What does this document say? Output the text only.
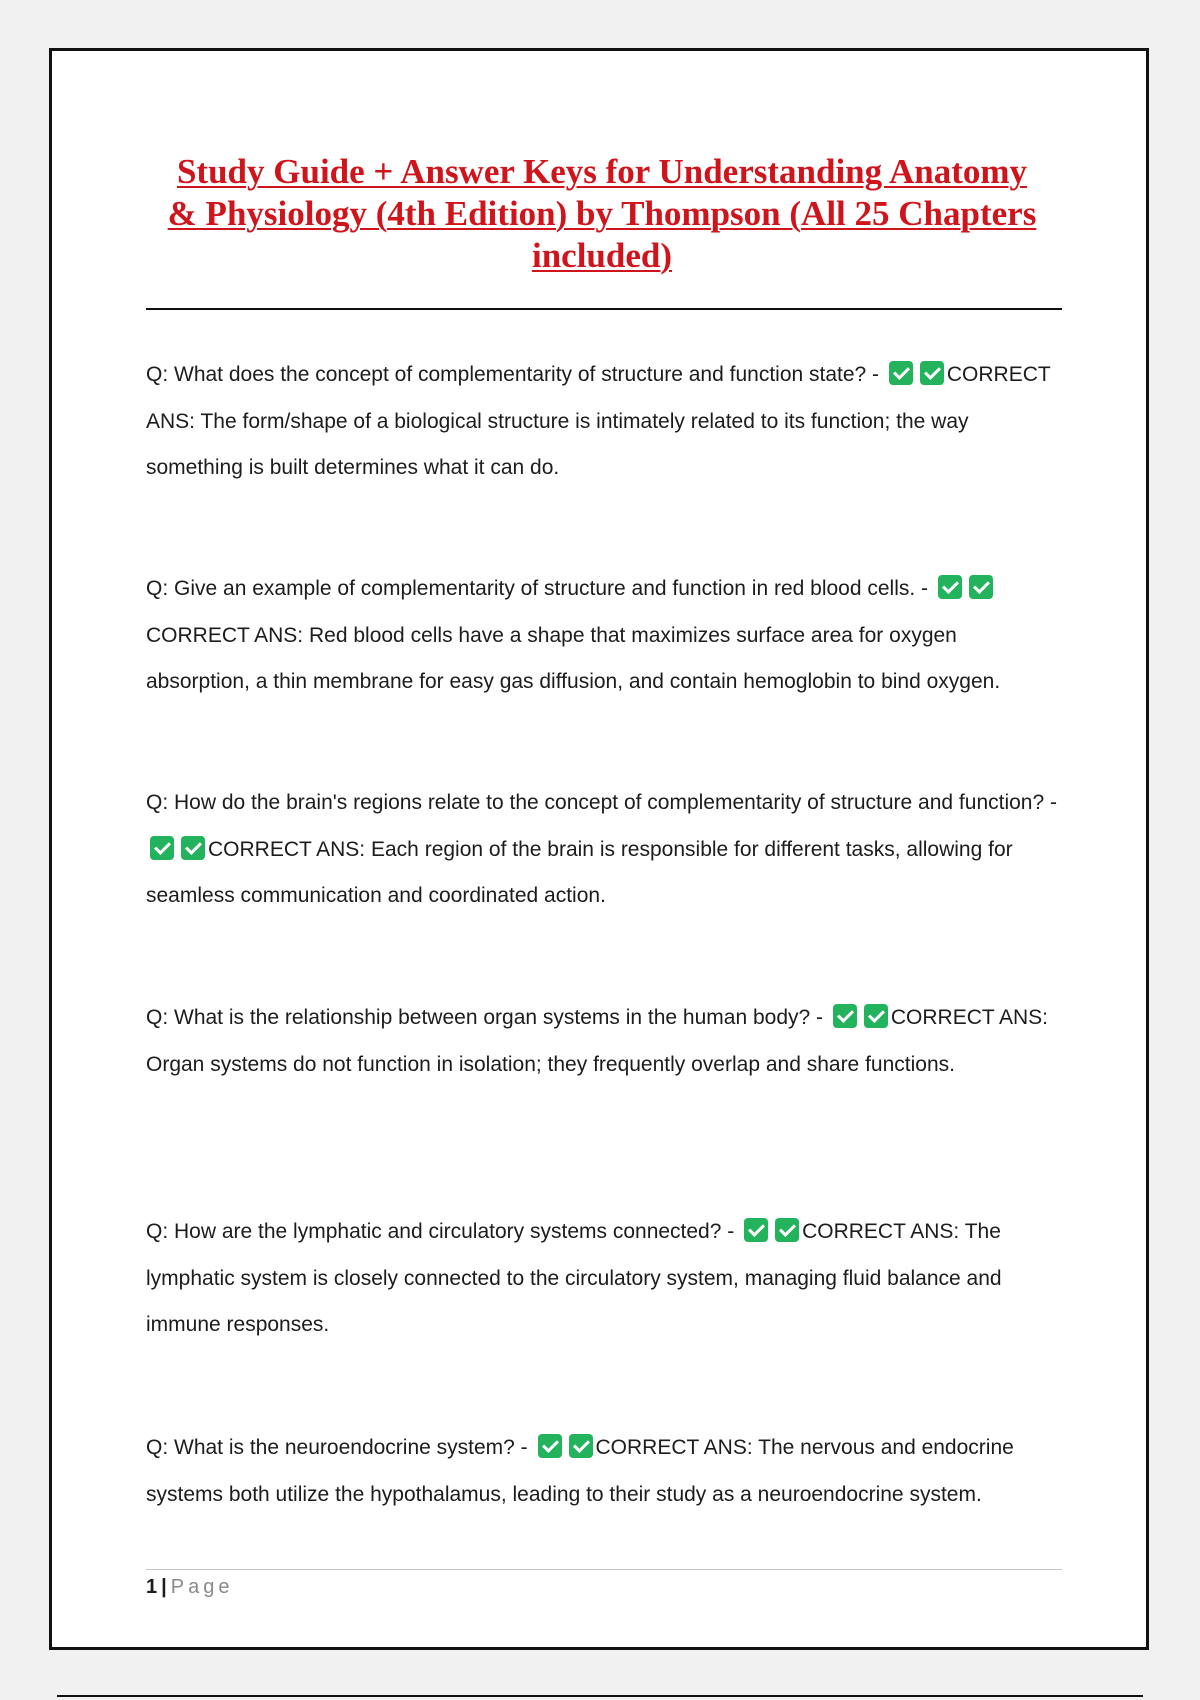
Study Guide + Answer Keys for Understanding Anatomy & Physiology (4th Edition) by Thompson (All 25 Chapters included)

Q: What does the concept of complementarity of structure and function state? -	CORRECT ANS: The form/shape of a biological structure is intimately related to its function; the way something is built determines what it can do.

Q: Give an example of complementarity of structure and function in red blood cells. - CORRECT ANS: Red blood cells have a shape that maximizes surface area for oxygen absorption, a thin membrane for easy gas diffusion, and contain hemoglobin to bind oxygen.

Q: How do the brain's regions relate to the concept of complementarity of structure and function? - CORRECT ANS: Each region of the brain is responsible for different tasks, allowing for seamless communication and coordinated action.

Q: What is the relationship between organ systems in the human body? -	CORRECT ANS: Organ systems do not function in isolation; they frequently overlap and share functions.

Q: How are the lymphatic and circulatory systems connected? -	CORRECT ANS: The lymphatic system is closely connected to the circulatory system, managing fluid balance and immune responses.

Q: What is the neuroendocrine system? -	CORRECT ANS: The nervous and endocrine systems both utilize the hypothalamus, leading to their study as a neuroendocrine system.

1 | Page
